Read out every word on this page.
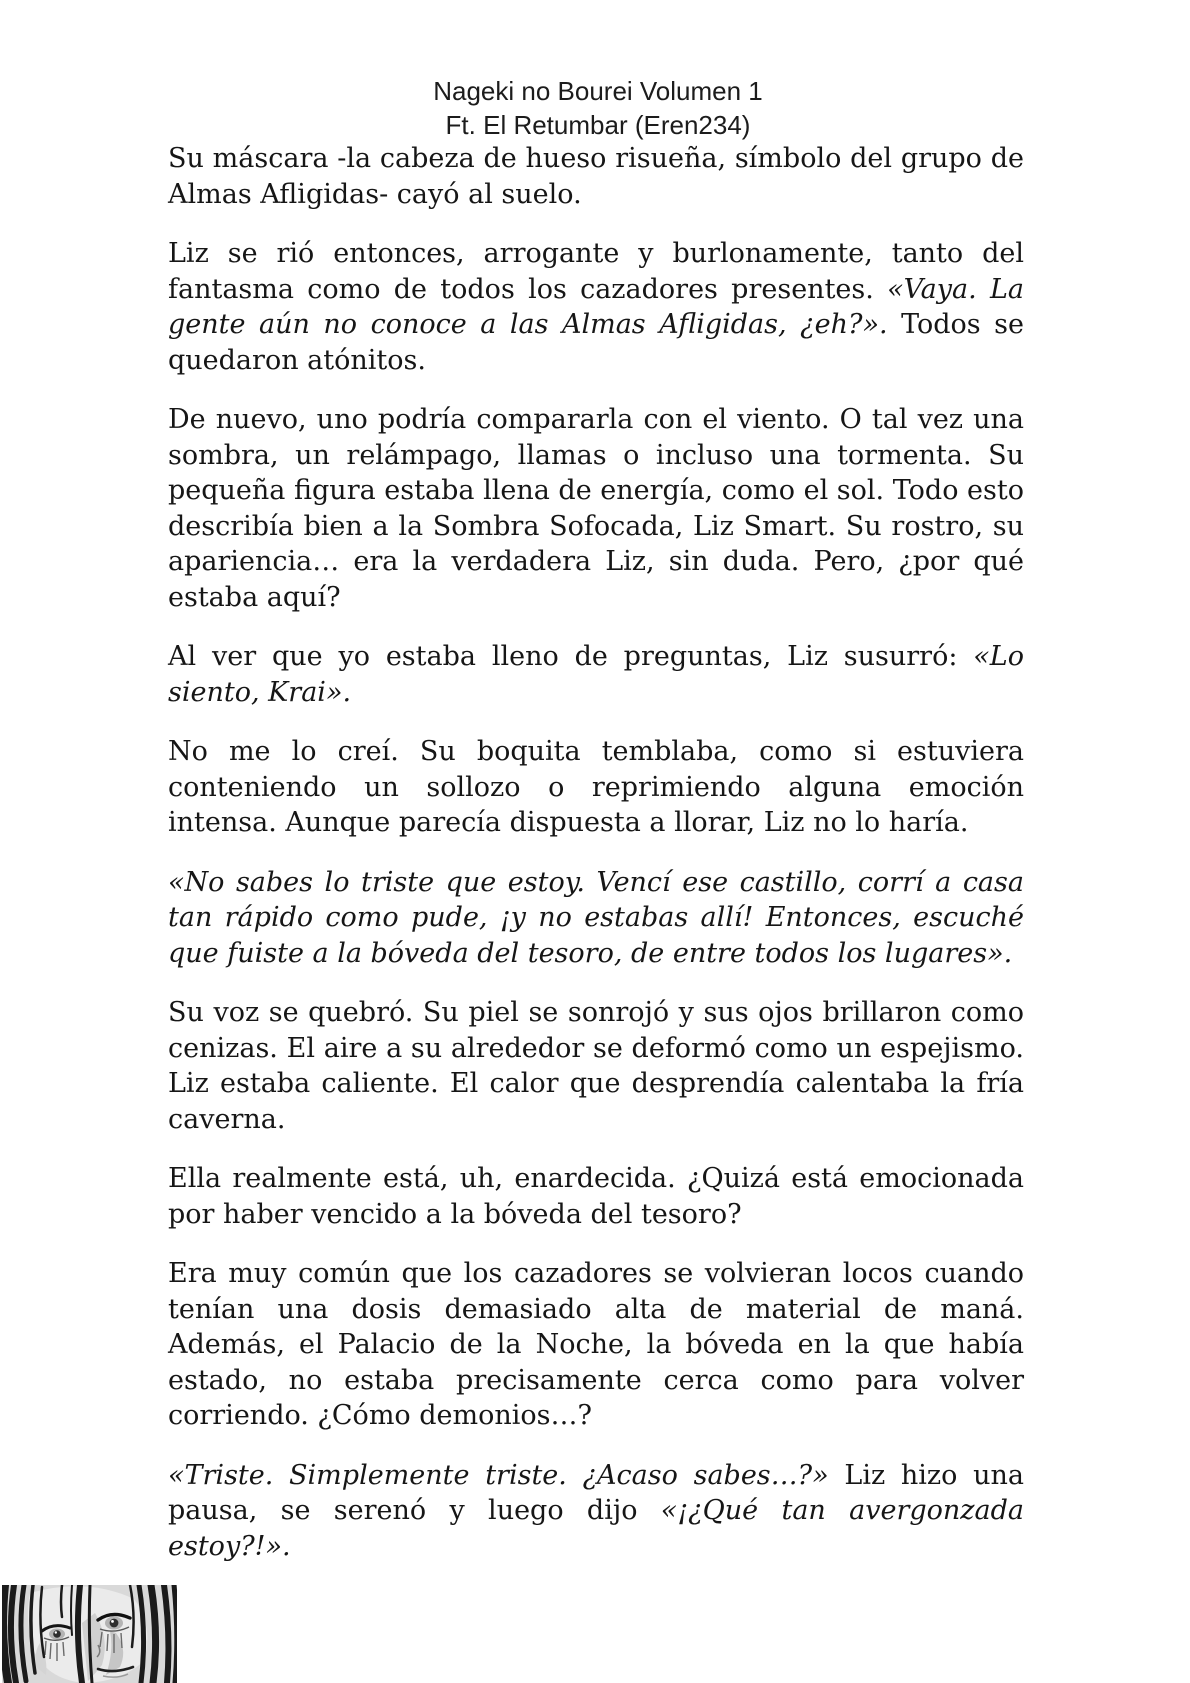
Nageki no Bourei Volumen 1

Ft. El Retumbar (Eren234)

Su máscara -la cabeza de hueso risueña, símbolo del grupo de Almas Afligidas- cayó al suelo.

Liz se rió entonces, arrogante y burlonamente, tanto del fantasma como de todos los cazadores presentes. «Vaya. La gente aún no conoce a las Almas Afligidas, ¿eh?». Todos se quedaron atónitos.

De nuevo, uno podría compararla con el viento. O tal vez una sombra, un relámpago, llamas o incluso una tormenta. Su pequeña figura estaba llena de energía, como el sol. Todo esto describía bien a la Sombra Sofocada, Liz Smart. Su rostro, su apariencia… era la verdadera Liz, sin duda. Pero, ¿por qué estaba aquí?

Al ver que yo estaba lleno de preguntas, Liz susurró: «Lo siento, Krai».

No me lo creí. Su boquita temblaba, como si estuviera conteniendo un sollozo o reprimiendo alguna emoción intensa. Aunque parecía dispuesta a llorar, Liz no lo haría.

«No sabes lo triste que estoy. Vencí ese castillo, corrí a casa tan rápido como pude, ¡y no estabas allí! Entonces, escuché que fuiste a la bóveda del tesoro, de entre todos los lugares».

Su voz se quebró. Su piel se sonrojó y sus ojos brillaron como cenizas. El aire a su alrededor se deformó como un espejismo. Liz estaba caliente. El calor que desprendía calentaba la fría caverna.

Ella realmente está, uh, enardecida. ¿Quizá está emocionada por haber vencido a la bóveda del tesoro?

Era muy común que los cazadores se volvieran locos cuando tenían una dosis demasiado alta de material de maná. Además, el Palacio de la Noche, la bóveda en la que había estado, no estaba precisamente cerca como para volver corriendo. ¿Cómo demonios…?

«Triste. Simplemente triste. ¿Acaso sabes…?» Liz hizo una pausa, se serenó y luego dijo «¡¿Qué tan avergonzada estoy?!».
